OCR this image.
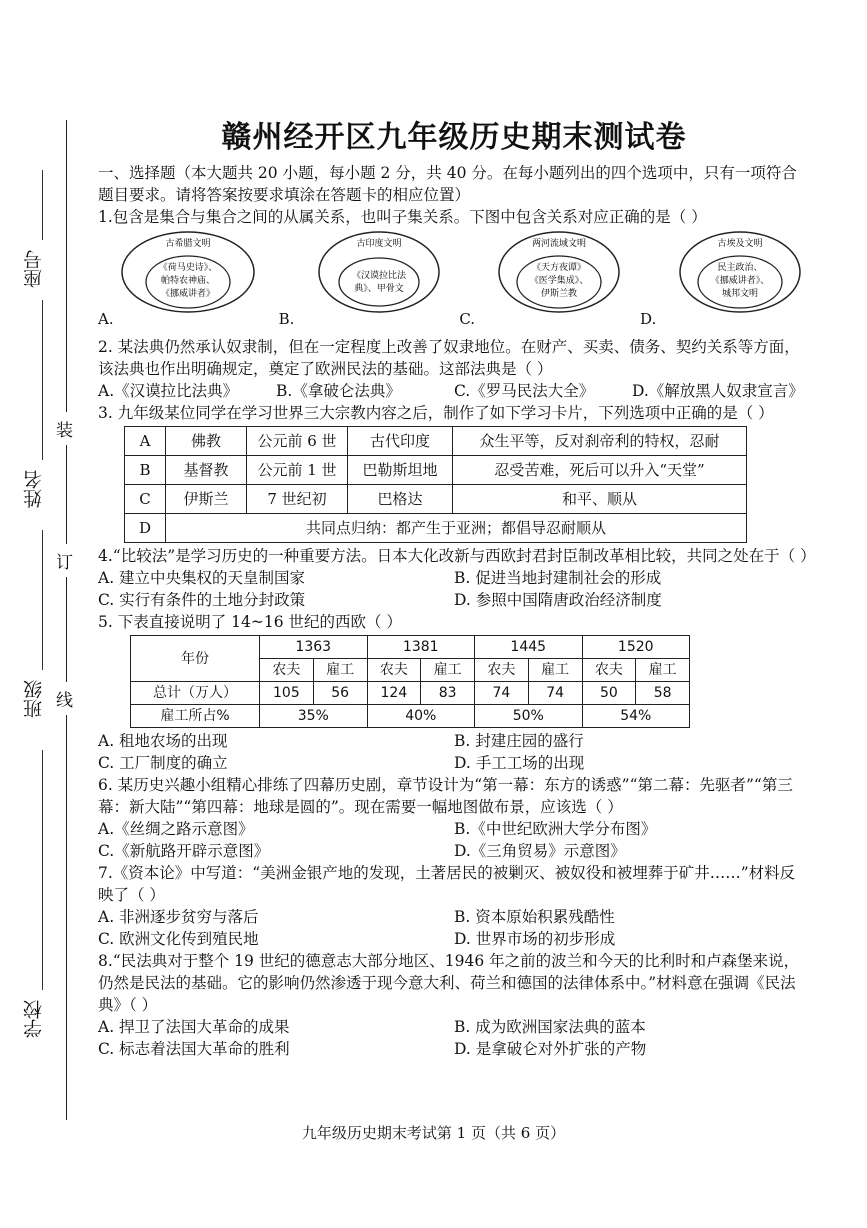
座号
姓名
班级
学校
装
订
线
赣州经开区九年级历史期末测试卷

一、选择题（本大题共 20 小题，每小题 2 分，共 40 分。在每小题列出的四个选项中，只有一项符合题目要求。请将答案按要求填涂在答题卡的相应位置）

1.包含是集合与集合之间的从属关系，也叫子集关系。下图中包含关系对应正确的是（ ）

古希腊文明
《荷马史诗》、
帕特农神庙、
《挪威讲者》
A.
古印度文明
《汉谟拉比法
典》、甲骨文
B.
两河流域文明
《天方夜谭》
《医学集成》、
伊斯兰教
C.
古埃及文明
民主政治、
《挪威讲者》、
城邦文明
D.

2. 某法典仍然承认奴隶制，但在一定程度上改善了奴隶地位。在财产、买卖、债务、契约关系等方面，该法典也作出明确规定，奠定了欧洲民法的基础。这部法典是（ ）

A.《汉谟拉比法典》	B.《拿破仑法典》	C.《罗马民法大全》	D.《解放黑人奴隶宣言》

3. 九年级某位同学在学习世界三大宗教内容之后，制作了如下学习卡片，下列选项中正确的是（ ）

A	佛教	公元前 6 世	古代印度	众生平等，反对刹帝利的特权，忍耐
B	基督教	公元前 1 世	巴勒斯坦地	忍受苦难，死后可以升入“天堂”
C	伊斯兰	7 世纪初	巴格达	和平、顺从
D	共同点归纳：都产生于亚洲；都倡导忍耐顺从			

4.“比较法”是学习历史的一种重要方法。日本大化改新与西欧封君封臣制改革相比较，共同之处在于（ ）

A. 建立中央集权的天皇制国家	B. 促进当地封建制社会的形成
C. 实行有条件的土地分封政策	D. 参照中国隋唐政治经济制度

5. 下表直接说明了 14~16 世纪的西欧（ ）

年份	1363		1381		1445		1520	
	农夫	雇工	农夫	雇工	农夫	雇工	农夫	雇工
总计（万人）	105	56	124	83	74	74	50	58
雇工所占%	35%		40%		50%		54%	
A. 租地农场的出现	B. 封建庄园的盛行
C. 工厂制度的确立	D. 手工工场的出现

6. 某历史兴趣小组精心排练了四幕历史剧，章节设计为“第一幕：东方的诱惑”“第二幕：先驱者”“第三幕：新大陆”“第四幕：地球是圆的”。现在需要一幅地图做布景，应该选（ ）

A.《丝绸之路示意图》	B.《中世纪欧洲大学分布图》
C.《新航路开辟示意图》	D.《三角贸易》示意图》

7.《资本论》中写道：“美洲金银产地的发现，土著居民的被剿灭、被奴役和被埋葬于矿井……”材料反映了（ ）

A. 非洲逐步贫穷与落后	B. 资本原始积累残酷性
C. 欧洲文化传到殖民地	D. 世界市场的初步形成

8.“民法典对于整个 19 世纪的德意志大部分地区、1946 年之前的波兰和今天的比利时和卢森堡来说，仍然是民法的基础。它的影响仍然渗透于现今意大利、荷兰和德国的法律体系中。”材料意在强调《民法典》（ ）

A. 捍卫了法国大革命的成果	B. 成为欧洲国家法典的蓝本
C. 标志着法国大革命的胜利	D. 是拿破仑对外扩张的产物
九年级历史期末考试第 1 页（共 6 页）
